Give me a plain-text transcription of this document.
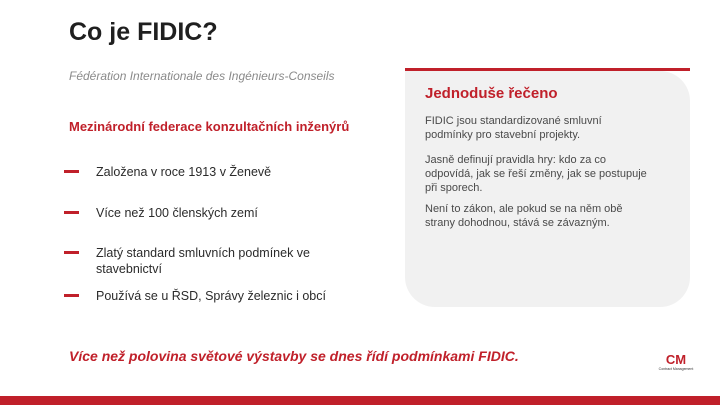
Co je FIDIC?
Fédération Internationale des Ingénieurs-Conseils
Mezinárodní federace konzultačních inženýrů
Založena v roce 1913 v Ženevě
Více než 100 členských zemí
Zlatý standard smluvních podmínek ve stavebnictví
Používá se u ŘSD, Správy železnic i obcí
Jednoduše řečeno
FIDIC jsou standardizované smluvní podmínky pro stavební projekty.
Jasně definují pravidla hry: kdo za co odpovídá, jak se řeší změny, jak se postupuje při sporech.
Není to zákon, ale pokud se na něm obě strany dohodnou, stává se závazným.
Více než polovina světové výstavby se dnes řídí podmínkami FIDIC.	CM
Contract Management
